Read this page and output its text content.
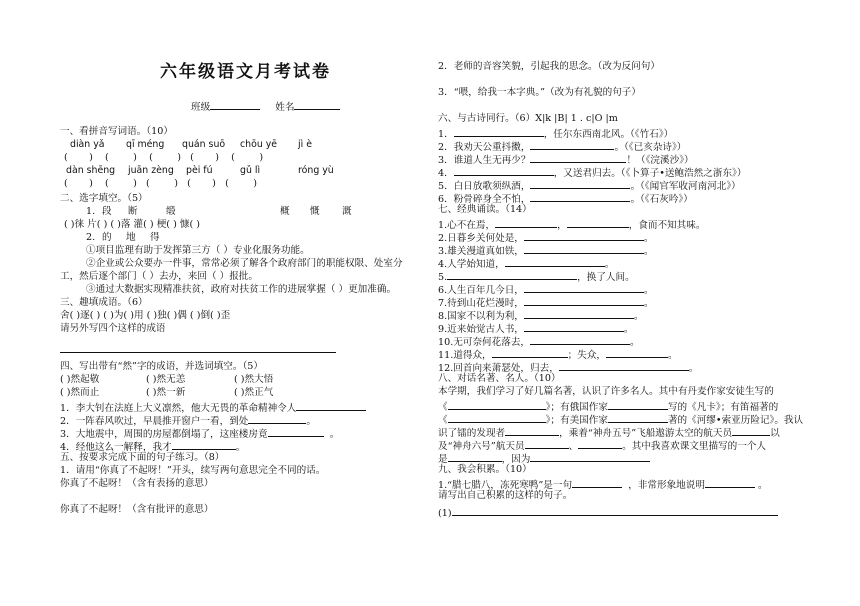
六年级语文月考试卷
班级	姓名
一、看拼音写词语。（10）
diàn yǎ qī méng quán suō chōu yē jì è
(       )    (        )    (        )   (       )    (        )
dàn shēng juān zèng pèi fú	gǔ lì	róng yù
(       )    (        )   (        )   (       )   (        )
二、选字填空。（5）
1. 段 断	缎	概 慨 溉
( )徕 片( ) ( )落 灌( ) 梗( ) 慷( )
2. 的 地 得
①项目监理有助于发挥第三方（ ）专业化服务功能。
②企业或公众要办一件事，常常必须了解各个政府部门的职能权限、处室分
工，然后逐个部门（ ）去办，来回（ ）报批。
③通过大数据实现精准扶贫，政府对扶贫工作的进展掌握（ ）更加准确。
三、趣填成语。（6）
舍( )逐( ) ( )为( )用 ( )独( )偶 ( )倒( )歪
请另外写四个这样的成语
四、写出带有“然”字的成语，并选词填空。（5）
( )然起敬	( )然无恙	( )然大悟
( )然而止	( )然一新	( )然正气
1．李大钊在法庭上大义凛然，他大无畏的革命精神令人
2．一阵春风吹过，早晨推开窗户一看，到处	。
3．大地震中，周围的房屋都倒塌了，这座楼房竟	。
4．经他这么一解释，我才	。
五、按要求完成下面的句子练习。（8）
1．请用“你真了不起呀！”开头，续写两句意思完全不同的话。
你真了不起呀！（含有表扬的意思）
你真了不起呀！（含有批评的意思）
2．老师的音容笑貌，引起我的思念。（改为反问句）
3．“喂，给我一本字典。”（改为有礼貌的句子）
六、与古诗同行。（6）X|k |B| 1 . c|O |m
1．	，任尔东西南北风。（《竹石》）
2．我劝天公重抖擞，	。（《已亥杂诗》）
3．谁道人生无再少？	！（《浣溪沙》）
4．	，又送君归去。（《卜算子•送鲍浩然之浙东》）
5．白日放歌须纵酒，	。（《闻官军收河南河北》）
6．粉骨碎身全不怕，	。（《石灰吟》）
七、经典诵读。（14）
1.心不在焉，	，	，食而不知其味。
2.日暮乡关何处是，	。
3.雄关漫道真如铁，	。
4.人学始知道，	。
5.	，换了人间。
6.人生百年几今日，	。
7.待到山花烂漫时，	。
8.国家不以利为利，	。
9.近来始觉古人书，	。
10.无可奈何花落去，	。
11.道得众，	；失众，	。
12.回首向来萧瑟处，归去，	。
八、对话名著、名人。（10）
本学期，我们学习了好几篇名著，认识了许多名人。其中有丹麦作家安徒生写的
《	》；有俄国作家	写的《凡卡》；有笛福著的
《	》；有美国作家	著的《河缪•索亚历险记》。我认
识了镭的发现者	，乘着“神舟五号”飞船遨游太空的航天员	以
及“神舟六号”航天员	、	。其中我喜欢课文里描写的一个人
是	，因为
九、我会积累。（10）
1.“腊七腊八，冻死寒鸭”是一句	，非常形象地说明	。
请写出自己积累的这样的句子。
(1)
